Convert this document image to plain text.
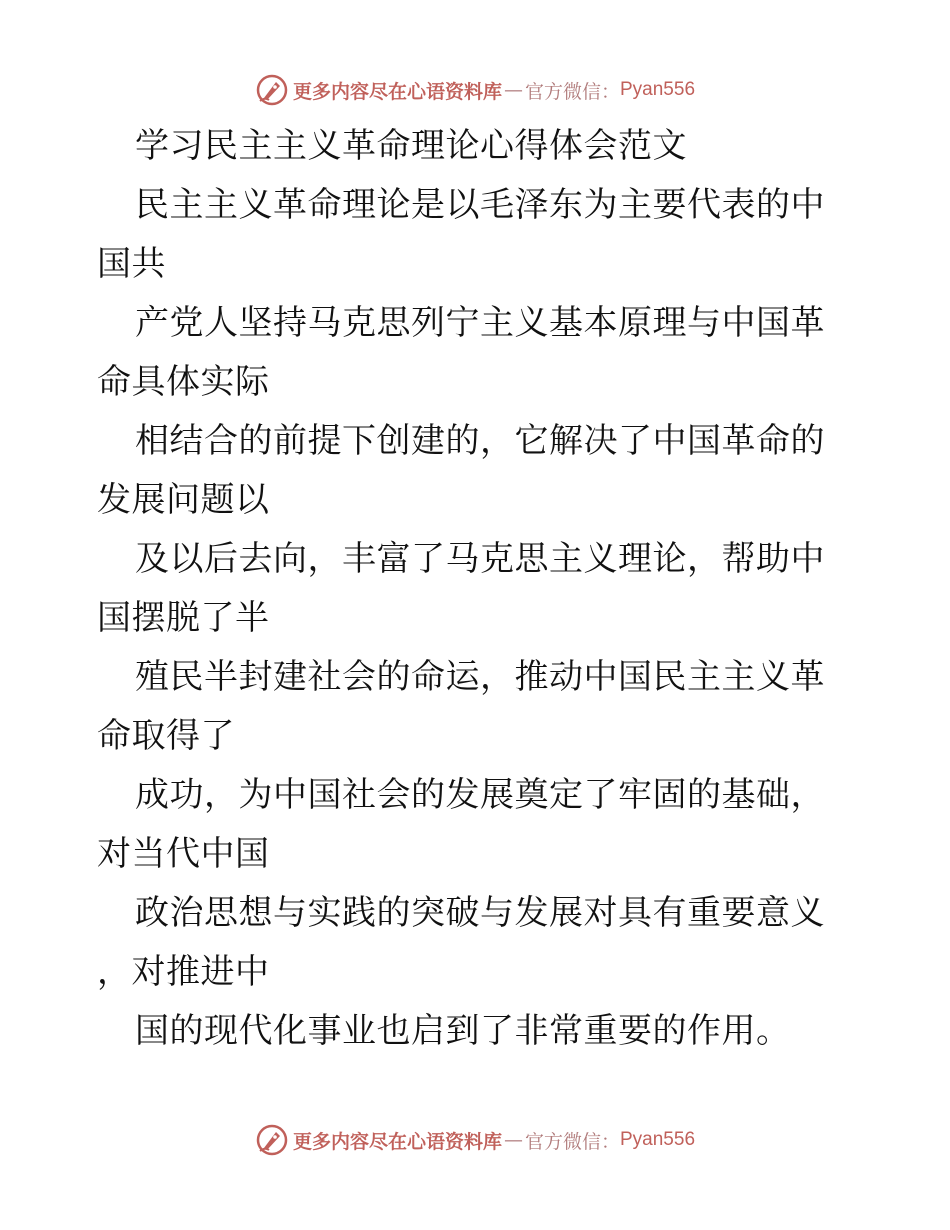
更多内容尽在心语资料库 — 官方微信： Pyan556
学习民主主义革命理论心得体会范文
民主主义革命理论是以毛泽东为主要代表的中
国共
产党人坚持马克思列宁主义基本原理与中国革
命具体实际
相结合的前提下创建的，它解决了中国革命的
发展问题以
及以后去向，丰富了马克思主义理论，帮助中
国摆脱了半
殖民半封建社会的命运，推动中国民主主义革
命取得了
成功，为中国社会的发展奠定了牢固的基础，
对当代中国
政治思想与实践的突破与发展对具有重要意义
，对推进中
国的现代化事业也启到了非常重要的作用。
更多内容尽在心语资料库 — 官方微信： Pyan556
